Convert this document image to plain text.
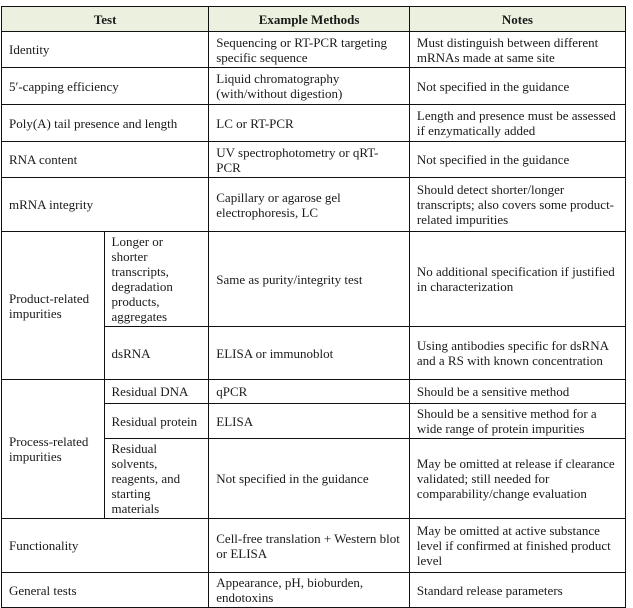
Test		Example Methods	Notes
Identity		Sequencing or RT-PCR targeting specific sequence	Must distinguish between different mRNAs made at same site
5′-capping efficiency		Liquid chromatography (with/without digestion)	Not specified in the guidance
Poly(A) tail presence and length		LC or RT-PCR	Length and presence must be assessed if enzymatically added
RNA content		UV spectrophotometry or qRT-PCR	Not specified in the guidance
mRNA integrity		Capillary or agarose gel electrophoresis, LC	Should detect shorter/longer transcripts; also covers some product-related impurities
Product-related impurities	Longer or shorter transcripts, degradation products, aggregates	Same as purity/integrity test	No additional specification if justified in characterization
	dsRNA	ELISA or immunoblot	Using antibodies specific for dsRNA and a RS with known concentration
Process-related impurities	Residual DNA	qPCR	Should be a sensitive method
	Residual protein	ELISA	Should be a sensitive method for a wide range of protein impurities
	Residual solvents, reagents, and starting materials	Not specified in the guidance	May be omitted at release if clearance validated; still needed for comparability/change evaluation
Functionality		Cell-free translation + Western blot or ELISA	May be omitted at active substance level if confirmed at finished product level
General tests		Appearance, pH, bioburden, endotoxins	Standard release parameters
